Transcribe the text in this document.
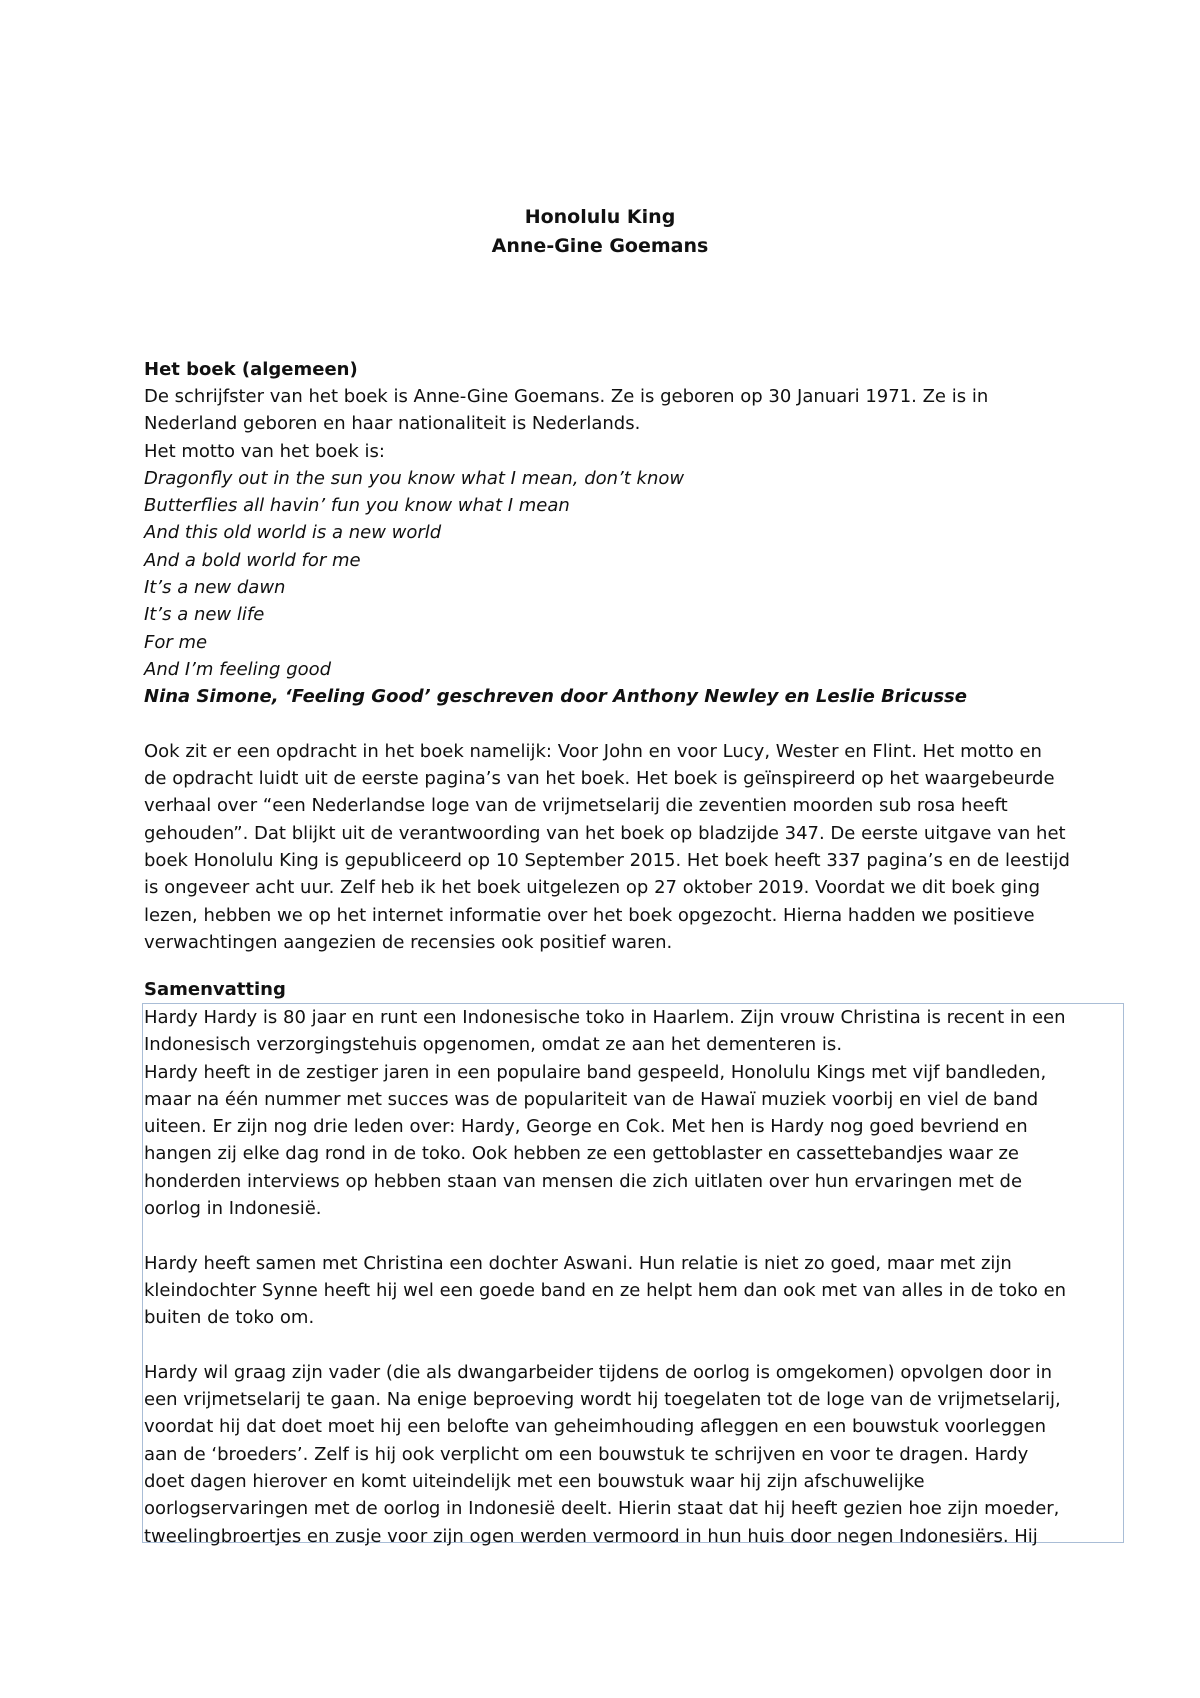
Honolulu King
Anne-Gine Goemans
Het boek (algemeen)

De schrijfster van het boek is Anne-Gine Goemans. Ze is geboren op 30 Januari 1971. Ze is in

Nederland geboren en haar nationaliteit is Nederlands.

Het motto van het boek is:

Dragonfly out in the sun you know what I mean, don’t know

Butterflies all havin’ fun you know what I mean

And this old world is a new world

And a bold world for me

It’s a new dawn

It’s a new life

For me

And I’m feeling good

Nina Simone, ‘Feeling Good’ geschreven door Anthony Newley en Leslie Bricusse

Ook zit er een opdracht in het boek namelijk: Voor John en voor Lucy, Wester en Flint. Het motto en

de opdracht luidt uit de eerste pagina’s van het boek. Het boek is geïnspireerd op het waargebeurde

verhaal over “een Nederlandse loge van de vrijmetselarij die zeventien moorden sub rosa heeft

gehouden”. Dat blijkt uit de verantwoording van het boek op bladzijde 347. De eerste uitgave van het

boek Honolulu King is gepubliceerd op 10 September 2015. Het boek heeft 337 pagina’s en de leestijd

is ongeveer acht uur. Zelf heb ik het boek uitgelezen op 27 oktober 2019. Voordat we dit boek ging

lezen, hebben we op het internet informatie over het boek opgezocht. Hierna hadden we positieve

verwachtingen aangezien de recensies ook positief waren.

Samenvatting

Hardy Hardy is 80 jaar en runt een Indonesische toko in Haarlem. Zijn vrouw Christina is recent in een

Indonesisch verzorgingstehuis opgenomen, omdat ze aan het dementeren is.

Hardy heeft in de zestiger jaren in een populaire band gespeeld, Honolulu Kings met vijf bandleden,

maar na één nummer met succes was de populariteit van de Hawaï muziek voorbij en viel de band

uiteen. Er zijn nog drie leden over: Hardy, George en Cok. Met hen is Hardy nog goed bevriend en

hangen zij elke dag rond in de toko. Ook hebben ze een gettoblaster en cassettebandjes waar ze

honderden interviews op hebben staan van mensen die zich uitlaten over hun ervaringen met de

oorlog in Indonesië.

Hardy heeft samen met Christina een dochter Aswani. Hun relatie is niet zo goed, maar met zijn

kleindochter Synne heeft hij wel een goede band en ze helpt hem dan ook met van alles in de toko en

buiten de toko om.

Hardy wil graag zijn vader (die als dwangarbeider tijdens de oorlog is omgekomen) opvolgen door in

een vrijmetselarij te gaan. Na enige beproeving wordt hij toegelaten tot de loge van de vrijmetselarij,

voordat hij dat doet moet hij een belofte van geheimhouding afleggen en een bouwstuk voorleggen

aan de ‘broeders’. Zelf is hij ook verplicht om een bouwstuk te schrijven en voor te dragen. Hardy

doet dagen hierover en komt uiteindelijk met een bouwstuk waar hij zijn afschuwelijke

oorlogservaringen met de oorlog in Indonesië deelt. Hierin staat dat hij heeft gezien hoe zijn moeder,

tweelingbroertjes en zusje voor zijn ogen werden vermoord in hun huis door negen Indonesiërs. Hij
